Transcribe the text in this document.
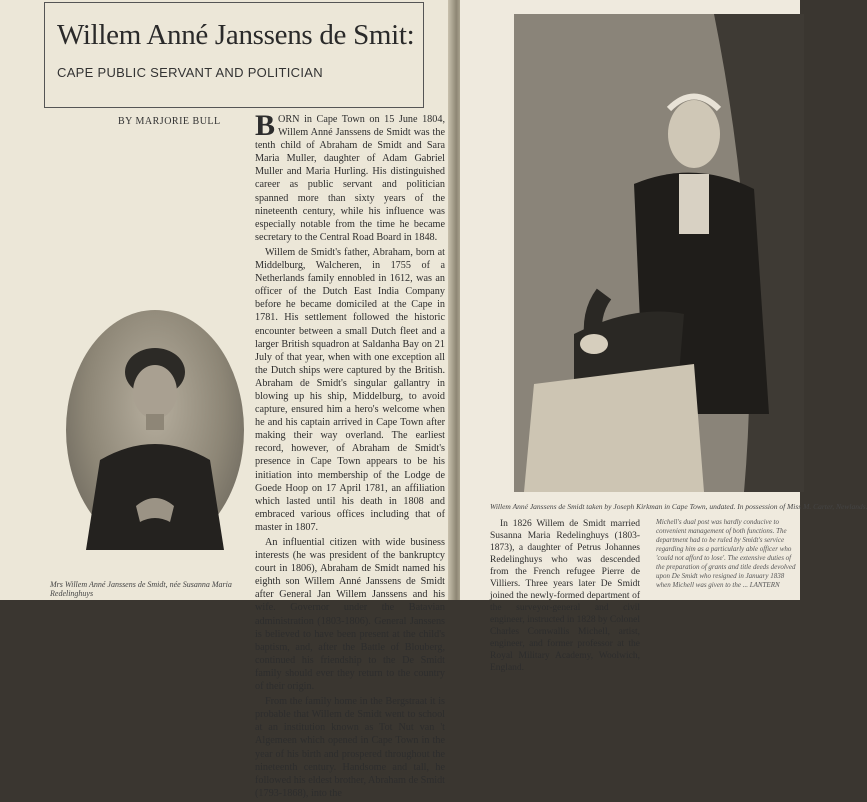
Willem Anné Janssens de Smit:
CAPE PUBLIC SERVANT AND POLITICIAN
BY MARJORIE BULL BORN in Cape Town on 15 June 1804, Willem Anné Janssens de Smidt was the tenth child of Abraham de Smidt and Sara Maria Muller, daughter of Adam Gabriel Muller and Maria Hurling. His distinguished career as public servant and politician spanned more than sixty years of the nineteenth century, while his influence was especially notable from the time he became secretary to the Central Road Board in 1848.

Willem de Smidt's father, Abraham, born at Middelburg, Walcheren, in 1755 of a Netherlands family ennobled in 1612, was an officer of the Dutch East India Company before he became domiciled at the Cape in 1781. His settlement followed the historic encounter between a small Dutch fleet and a larger British squadron at Saldanha Bay on 21 July of that year, when with one exception all the Dutch ships were captured by the British. Abraham de Smidt's singular gallantry in blowing up his ship, Middelburg, to avoid capture, ensured him a hero's welcome when he and his captain arrived in Cape Town after making their way overland. The earliest record, however, of Abraham de Smidt's presence in Cape Town appears to be his initiation into membership of the Lodge de Goede Hoop on 17 April 1781, an affiliation which lasted until his death in 1808 and embraced various offices including that of master in 1807.

An influential citizen with wide business interests (he was president of the bankruptcy court in 1806), Abraham de Smidt named his eighth son Willem Anné Janssens de Smidt after General Jan Willem Janssens and his wife. Governor under the Batavian administration (1803-1806). General Janssens is believed to have been present at the child's baptism, and, after the Battle of Blouberg, continued his friendship to the De Smidt family should ever they return to the country of their origin.

From the family home in the Bergstraat it is probable that Willem de Smidt went to school at an institution known as Tot Nut van 't Algemeen which opened in Cape Town in the year of his birth and prospered throughout the nineteenth century. Handsome and tall, he followed his eldest brother, Abraham de Smidt (1793-1868), into the

Mrs Willem Anné Janssens de Smidt, née Susanna Maria Redelinghuys
Willem Anné Janssens de Smidt taken by Joseph Kirkman in Cape Town, undated. In possession of Miss M. Carter, Newlands.

In 1826 Willem de Smidt married Susanna Maria Redelinghuys (1803-1873), a daughter of Petrus Johannes Redelinghuys who was descended from the French refugee Pierre de Villiers. Three years later De Smidt joined the newly-formed department of the surveyor-general and civil engineer, instructed in 1828 by Colonel Charles Cornwallis Michell, artist, engineer, and former professor at the Royal Military Academy, Woolwich, England.

Michell's dual post was hardly conducive to convenient management of both functions. The department had to be ruled by Smidt's service regarding him as a particularly able officer who 'could not afford to lose'. The extensive duties of the preparation of grants and title deeds devolved upon De Smidt who resigned in January 1838 when Michell was given to the ... LANTERN
